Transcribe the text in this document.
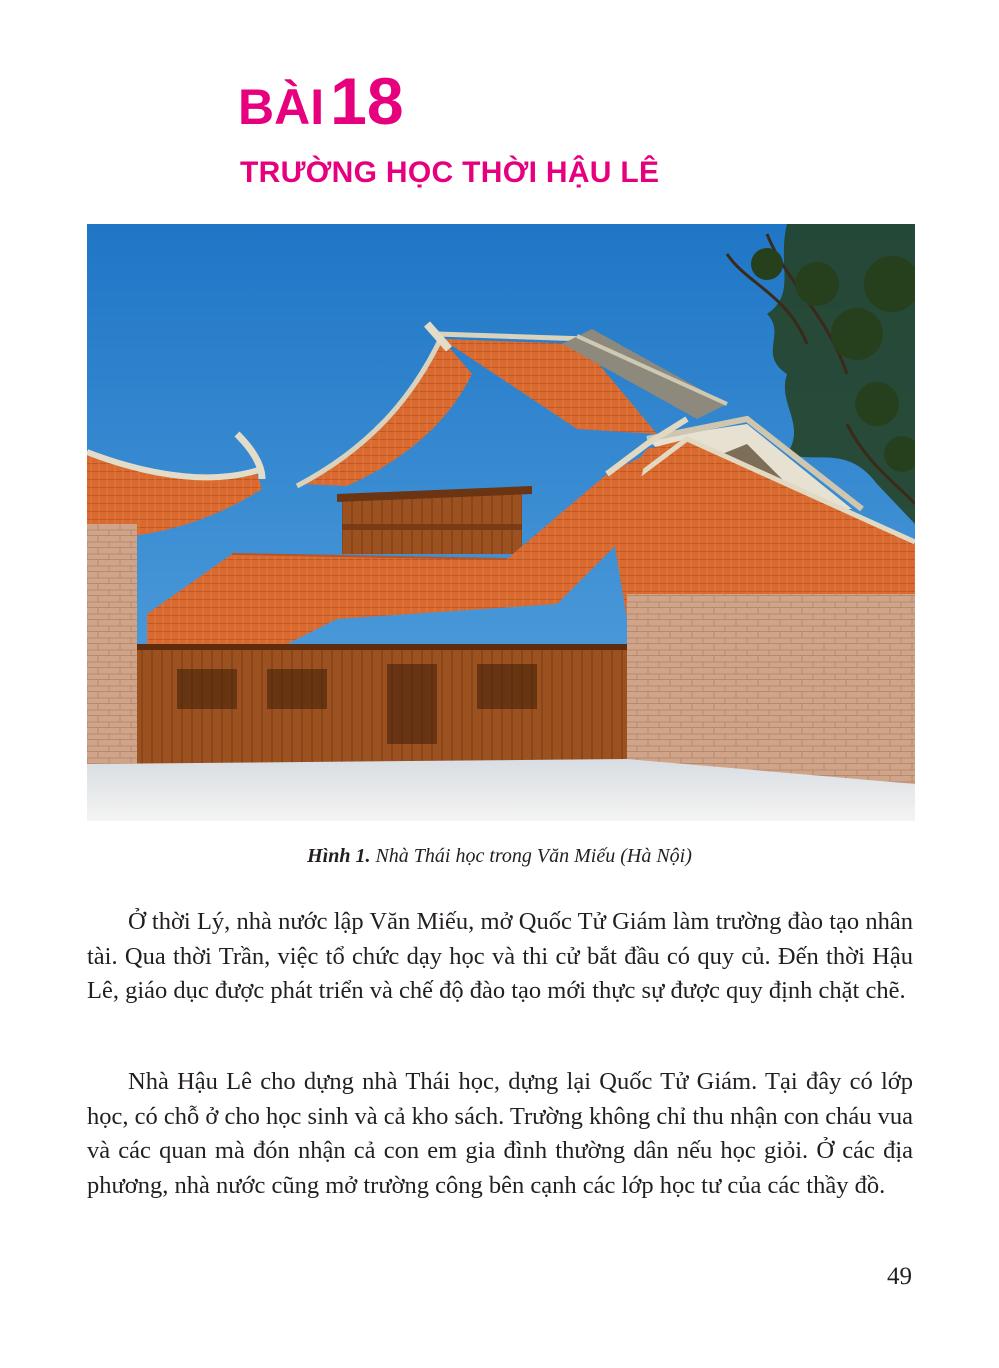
BÀI18
TRƯỜNG HỌC THỜI HẬU LÊ
Hình 1. Nhà Thái học trong Văn Miếu (Hà Nội)

Ở thời Lý, nhà nước lập Văn Miếu, mở Quốc Tử Giám làm trường đào tạo nhân tài. Qua thời Trần, việc tổ chức dạy học và thi cử bắt đầu có quy củ. Đến thời Hậu Lê, giáo dục được phát triển và chế độ đào tạo mới thực sự được quy định chặt chẽ.

Nhà Hậu Lê cho dựng nhà Thái học, dựng lại Quốc Tử Giám. Tại đây có lớp học, có chỗ ở cho học sinh và cả kho sách. Trường không chỉ thu nhận con cháu vua và các quan mà đón nhận cả con em gia đình thường dân nếu học giỏi. Ở các địa phương, nhà nước cũng mở trường công bên cạnh các lớp học tư của các thầy đồ.

49
